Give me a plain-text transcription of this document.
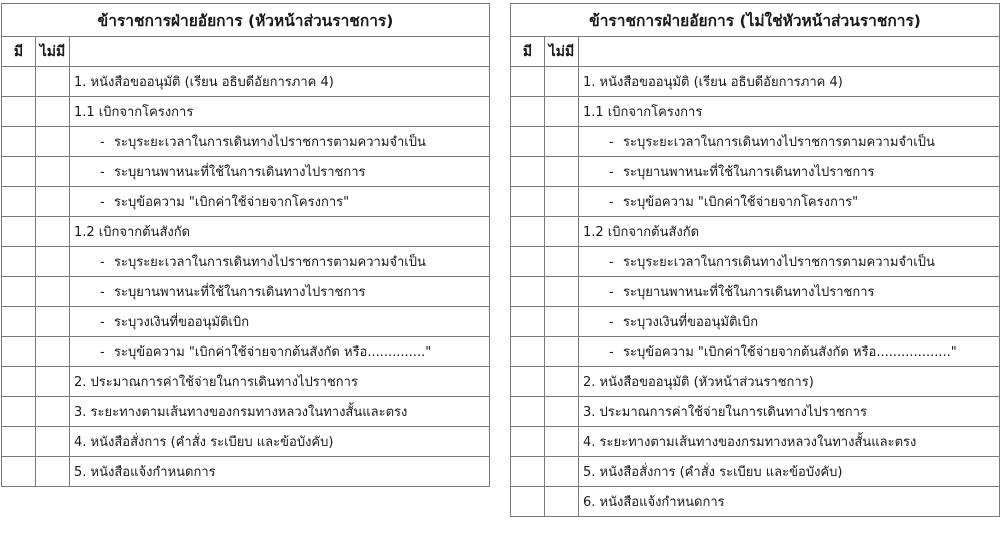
ข้าราชการฝ่ายอัยการ (หัวหน้าส่วนราชการ)		
มี	ไม่มี	
		1. หนังสือขออนุมัติ (เรียน อธิบดีอัยการภาค 4)
		1.1 เบิกจากโครงการ
		- ระบุระยะเวลาในการเดินทางไปราชการตามความจำเป็น
		- ระบุยานพาหนะที่ใช้ในการเดินทางไปราชการ
		- ระบุข้อความ "เบิกค่าใช้จ่ายจากโครงการ"
		1.2 เบิกจากต้นสังกัด
		- ระบุระยะเวลาในการเดินทางไปราชการตามความจำเป็น
		- ระบุยานพาหนะที่ใช้ในการเดินทางไปราชการ
		- ระบุวงเงินที่ขออนุมัติเบิก
		- ระบุข้อความ "เบิกค่าใช้จ่ายจากต้นสังกัด หรือ.............."
		2. ประมาณการค่าใช้จ่ายในการเดินทางไปราชการ
		3. ระยะทางตามเส้นทางของกรมทางหลวงในทางสั้นและตรง
		4. หนังสือสั่งการ (คำสั่ง ระเบียบ และข้อบังคับ)
		5. หนังสือแจ้งกำหนดการ
ข้าราชการฝ่ายอัยการ (ไม่ใช่หัวหน้าส่วนราชการ)		
มี	ไม่มี	
		1. หนังสือขออนุมัติ (เรียน อธิบดีอัยการภาค 4)
		1.1 เบิกจากโครงการ
		- ระบุระยะเวลาในการเดินทางไปราชการตามความจำเป็น
		- ระบุยานพาหนะที่ใช้ในการเดินทางไปราชการ
		- ระบุข้อความ "เบิกค่าใช้จ่ายจากโครงการ"
		1.2 เบิกจากต้นสังกัด
		- ระบุระยะเวลาในการเดินทางไปราชการตามความจำเป็น
		- ระบุยานพาหนะที่ใช้ในการเดินทางไปราชการ
		- ระบุวงเงินที่ขออนุมัติเบิก
		- ระบุข้อความ "เบิกค่าใช้จ่ายจากต้นสังกัด หรือ.................."
		2. หนังสือขออนุมัติ (หัวหน้าส่วนราชการ)
		3. ประมาณการค่าใช้จ่ายในการเดินทางไปราชการ
		4. ระยะทางตามเส้นทางของกรมทางหลวงในทางสั้นและตรง
		5. หนังสือสั่งการ (คำสั่ง ระเบียบ และข้อบังคับ)
		6. หนังสือแจ้งกำหนดการ
